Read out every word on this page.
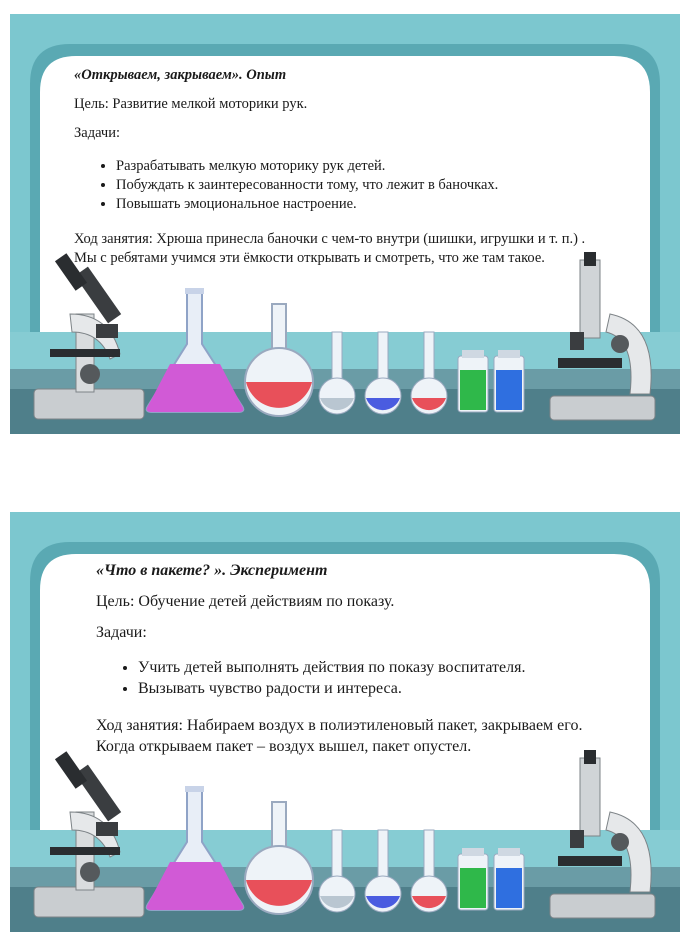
«Открываем, закрываем». Опыт

Цель: Развитие мелкой моторики рук.

Задачи:

• Разрабатывать мелкую моторику рук детей.
• Побуждать к заинтересованности тому, что лежит в баночках.
• Повышать эмоциональное настроение.

Ход занятия: Хрюша принесла баночки с чем-то внутри (шишки, игрушки и т. п.) . Мы с ребятами учимся эти ёмкости открывать и смотреть, что же там такое.

«Что в пакете? ». Эксперимент

Цель: Обучение детей действиям по показу.

Задачи:

• Учить детей выполнять действия по показу воспитателя.
• Вызывать чувство радости и интереса.

Ход занятия: Набираем воздух в полиэтиленовый пакет, закрываем его. Когда открываем пакет – воздух вышел, пакет опустел.
